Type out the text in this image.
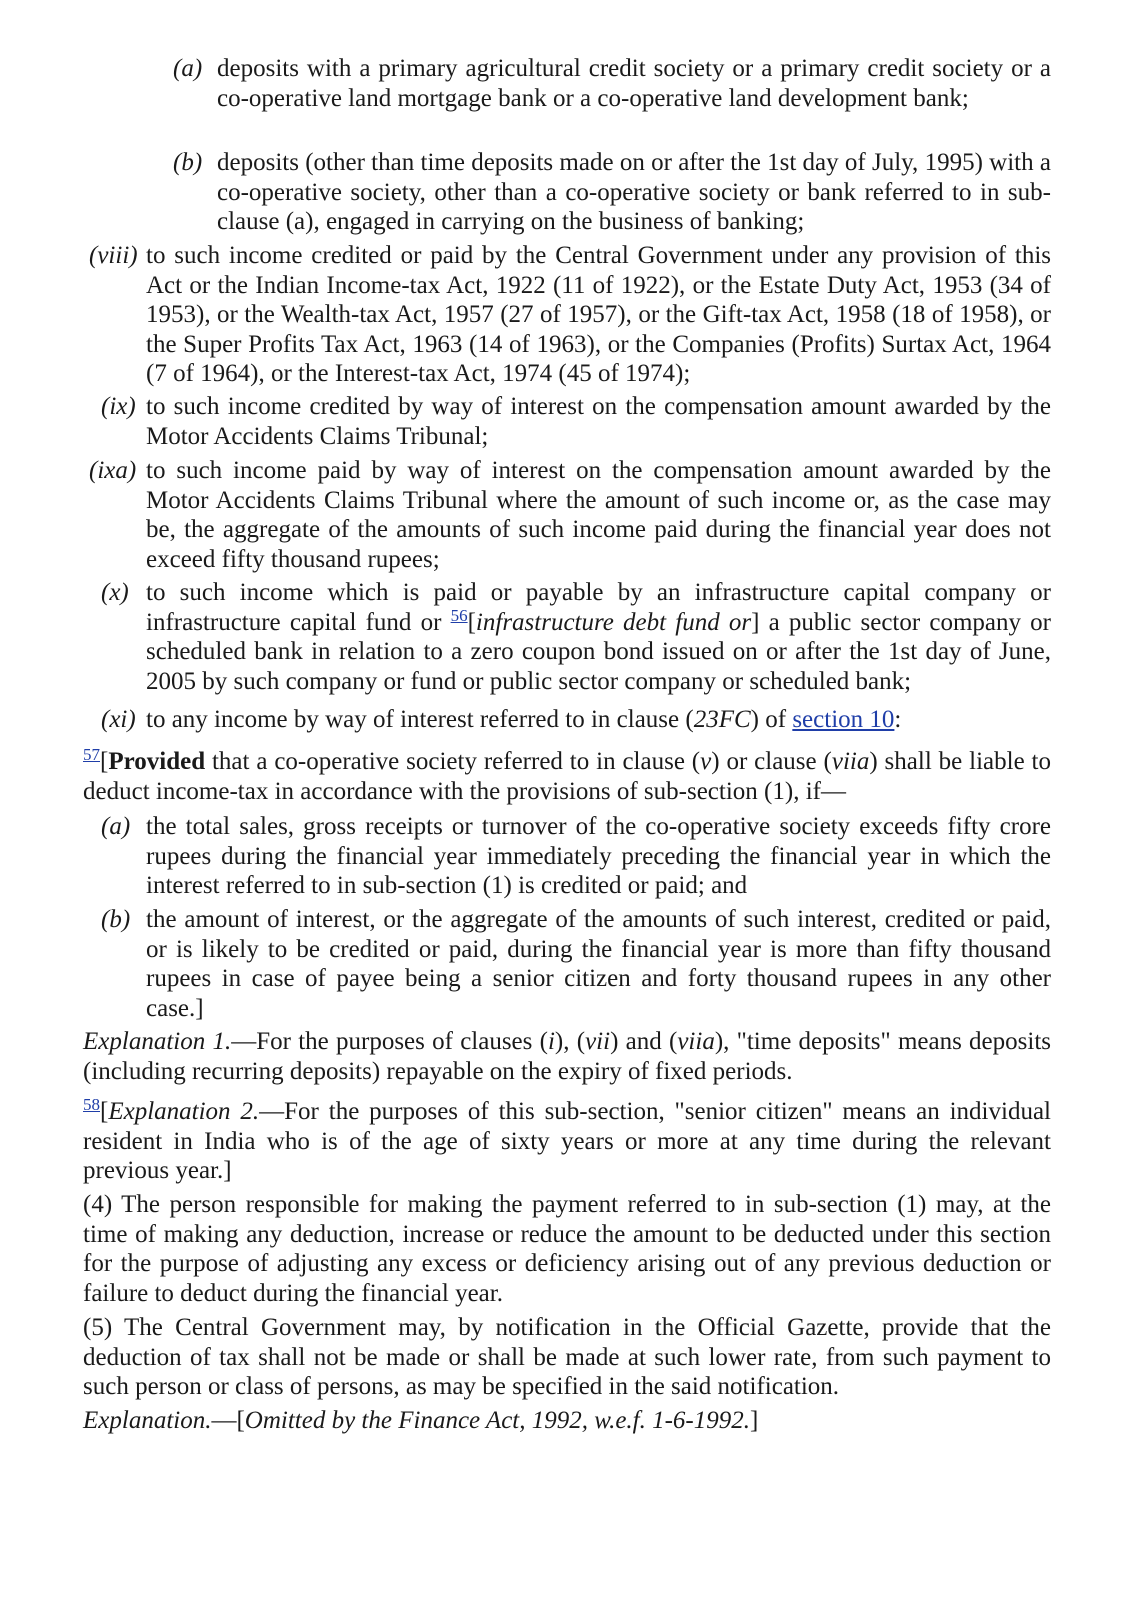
(a) deposits with a primary agricultural credit society or a primary credit society or a co-operative land mortgage bank or a co-operative land development bank;
(b) deposits (other than time deposits made on or after the 1st day of July, 1995) with a co-operative society, other than a co-operative society or bank referred to in sub-clause (a), engaged in carrying on the business of banking;
(viii) to such income credited or paid by the Central Government under any provision of this Act or the Indian Income-tax Act, 1922 (11 of 1922), or the Estate Duty Act, 1953 (34 of 1953), or the Wealth-tax Act, 1957 (27 of 1957), or the Gift-tax Act, 1958 (18 of 1958), or the Super Profits Tax Act, 1963 (14 of 1963), or the Companies (Profits) Surtax Act, 1964 (7 of 1964), or the Interest-tax Act, 1974 (45 of 1974);
(ix) to such income credited by way of interest on the compensation amount awarded by the Motor Accidents Claims Tribunal;
(ixa) to such income paid by way of interest on the compensation amount awarded by the Motor Accidents Claims Tribunal where the amount of such income or, as the case may be, the aggregate of the amounts of such income paid during the financial year does not exceed fifty thousand rupees;
(x) to such income which is paid or payable by an infrastructure capital company or infrastructure capital fund or $^{56}$[infrastructure debt fund or] a public sector company or scheduled bank in relation to a zero coupon bond issued on or after the 1st day of June, 2005 by such company or fund or public sector company or scheduled bank;
(xi) to any income by way of interest referred to in clause (23FC) of section 10:
$^{57}$[Provided that a co-operative society referred to in clause (v) or clause (viia) shall be liable to deduct income-tax in accordance with the provisions of sub-section (1), if—
(a) the total sales, gross receipts or turnover of the co-operative society exceeds fifty crore rupees during the financial year immediately preceding the financial year in which the interest referred to in sub-section (1) is credited or paid; and
(b) the amount of interest, or the aggregate of the amounts of such interest, credited or paid, or is likely to be credited or paid, during the financial year is more than fifty thousand rupees in case of payee being a senior citizen and forty thousand rupees in any other case.]
Explanation 1.—For the purposes of clauses (i), (vii) and (viia), "time deposits" means deposits (including recurring deposits) repayable on the expiry of fixed periods.
$^{58}$[Explanation 2.—For the purposes of this sub-section, "senior citizen" means an individual resident in India who is of the age of sixty years or more at any time during the relevant previous year.]
(4) The person responsible for making the payment referred to in sub-section (1) may, at the time of making any deduction, increase or reduce the amount to be deducted under this section for the purpose of adjusting any excess or deficiency arising out of any previous deduction or failure to deduct during the financial year.
(5) The Central Government may, by notification in the Official Gazette, provide that the deduction of tax shall not be made or shall be made at such lower rate, from such payment to such person or class of persons, as may be specified in the said notification.
Explanation.—[Omitted by the Finance Act, 1992, w.e.f. 1-6-1992.]
